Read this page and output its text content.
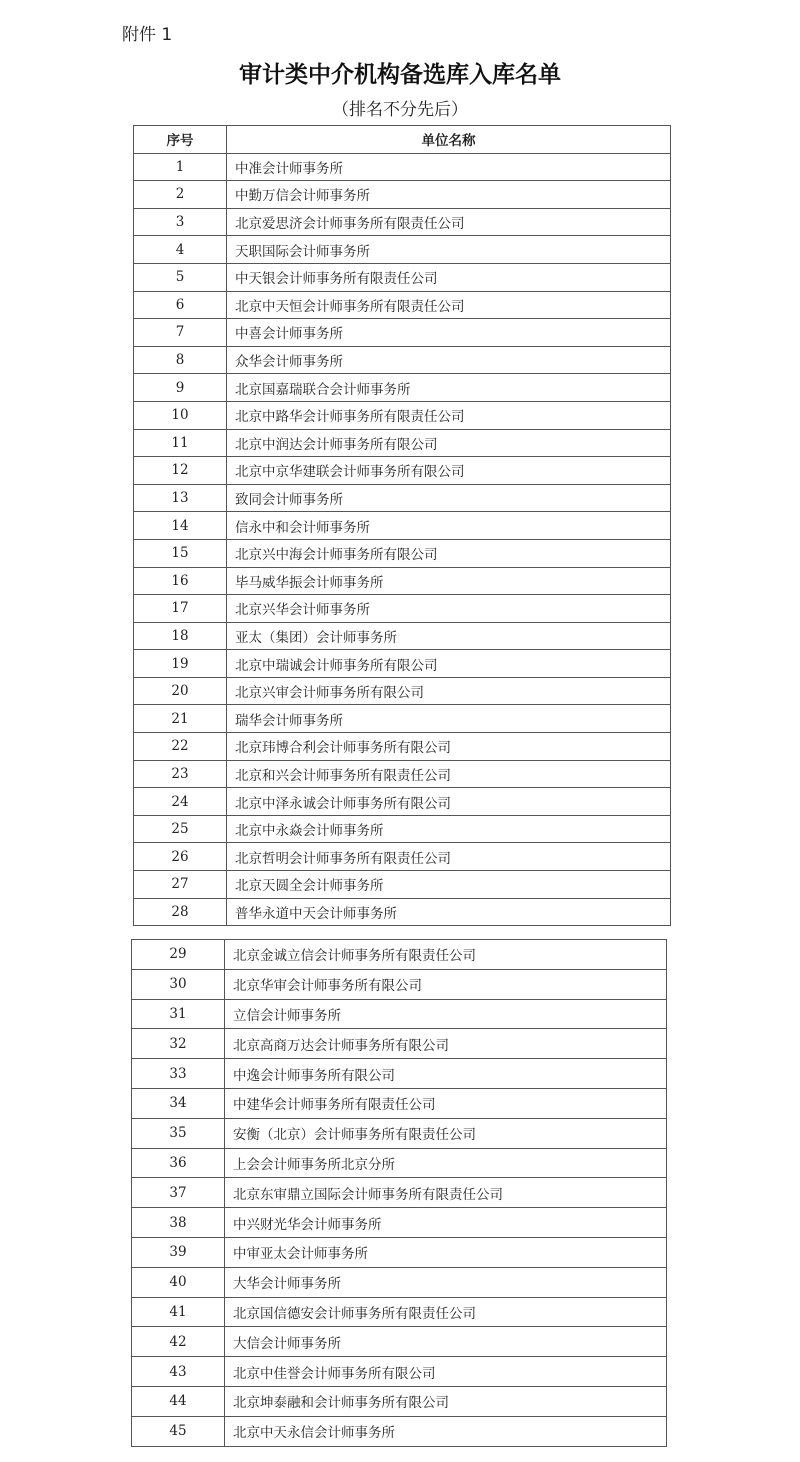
附件 1
审计类中介机构备选库入库名单
（排名不分先后）
序号	单位名称
1	中准会计师事务所
2	中勤万信会计师事务所
3	北京爱思济会计师事务所有限责任公司
4	天职国际会计师事务所
5	中天银会计师事务所有限责任公司
6	北京中天恒会计师事务所有限责任公司
7	中喜会计师事务所
8	众华会计师事务所
9	北京国嘉瑞联合会计师事务所
10	北京中路华会计师事务所有限责任公司
11	北京中润达会计师事务所有限公司
12	北京中京华建联会计师事务所有限公司
13	致同会计师事务所
14	信永中和会计师事务所
15	北京兴中海会计师事务所有限公司
16	毕马威华振会计师事务所
17	北京兴华会计师事务所
18	亚太（集团）会计师事务所
19	北京中瑞诚会计师事务所有限公司
20	北京兴审会计师事务所有限公司
21	瑞华会计师事务所
22	北京玮博合利会计师事务所有限公司
23	北京和兴会计师事务所有限责任公司
24	北京中泽永诚会计师事务所有限公司
25	北京中永焱会计师事务所
26	北京哲明会计师事务所有限责任公司
27	北京天圆全会计师事务所
28	普华永道中天会计师事务所
29	北京金诚立信会计师事务所有限责任公司
30	北京华审会计师事务所有限公司
31	立信会计师事务所
32	北京高商万达会计师事务所有限公司
33	中逸会计师事务所有限公司
34	中建华会计师事务所有限责任公司
35	安衡（北京）会计师事务所有限责任公司
36	上会会计师事务所北京分所
37	北京东审鼎立国际会计师事务所有限责任公司
38	中兴财光华会计师事务所
39	中审亚太会计师事务所
40	大华会计师事务所
41	北京国信德安会计师事务所有限责任公司
42	大信会计师事务所
43	北京中佳誉会计师事务所有限公司
44	北京坤泰融和会计师事务所有限公司
45	北京中天永信会计师事务所
